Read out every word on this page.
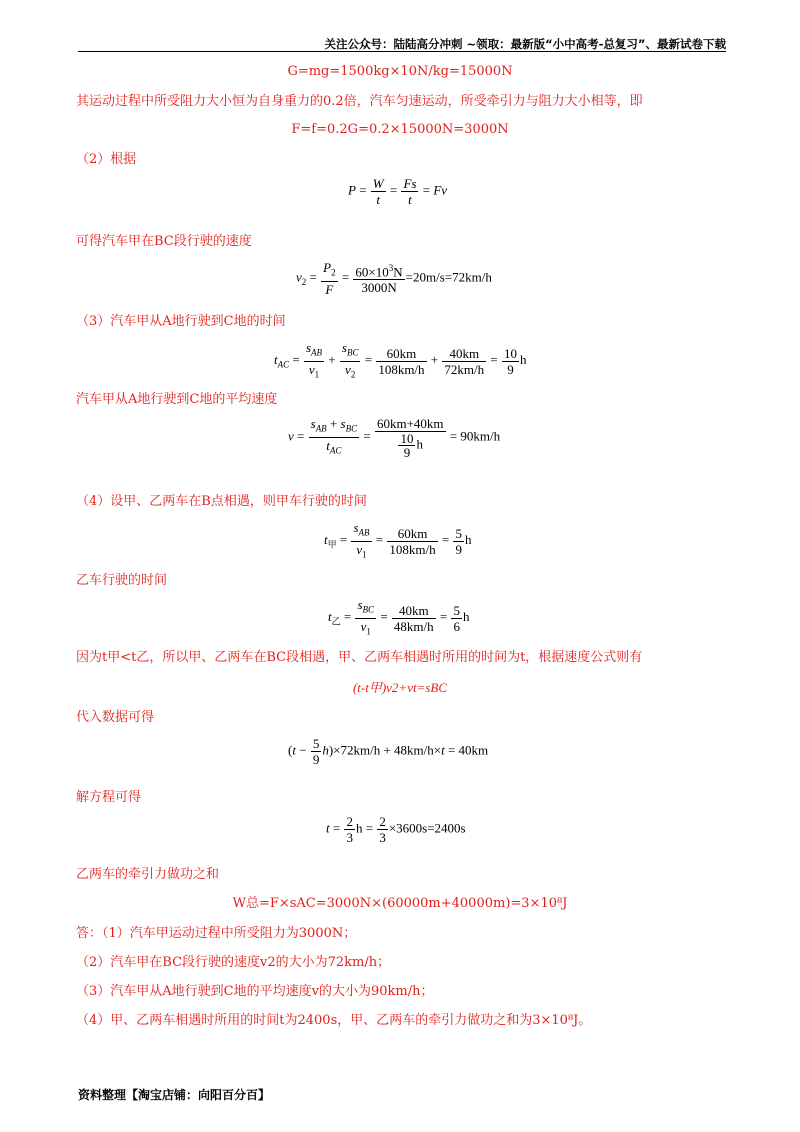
关注公众号：陆陆高分冲刺 ~领取：最新版“小中高考-总复习”、最新试卷下载
G=mg=1500kg×10N/kg=15000N
其运动过程中所受阻力大小恒为自身重力的0.2倍，汽车匀速运动，所受牵引力与阻力大小相等，即
F=f=0.2G=0.2×15000N=3000N
（2）根据
$P = \frac{W}{t} = \frac{Fs}{t} = Fv$
可得汽车甲在BC段行驶的速度
$v_2 = \frac{P_2}{F} = \frac{60\times 10^3N}{3000N} =20m/s=72km/h$
（3）汽车甲从A地行驶到C地的时间
$t_{AC} = \frac{s_{AB}}{v_1} + \frac{s_{BC}}{v_2} = \frac{60km}{108km/h} + \frac{40km}{72km/h} = \frac{10}{9}$ h
汽车甲从A地行驶到C地的平均速度
$v = \frac{s_{AB} + s_{BC}}{t_{AC}} = \frac{60km+40km}{\frac{10}{9} h} = 90km/h$
（4）设甲、乙两车在B点相遇，则甲车行驶的时间
$t_甲 = \frac{s_{AB}}{v_1} = \frac{60km}{108km/h} = \frac{5}{9}$ h
乙车行驶的时间
$t_乙 = \frac{s_{BC}}{v_1} = \frac{40km}{48km/h} = \frac{5}{6}$ h
因为t甲<t乙，所以甲、乙两车在BC段相遇，甲、乙两车相遇时所用的时间为t，根据速度公式则有
(t-t甲)v2+vt=sBC
代入数据可得
$(t - \frac{5}{9} h)\times 72km/h + 48km/h\times t = 40km$
解方程可得
$t = \frac{2}{3}$ $h = \frac{2}{3} \times 3600s=2400s$
乙两车的牵引力做功之和
W总=F×sAC=3000N×(60000m+40000m)=3×10⁸J
答：（1）汽车甲运动过程中所受阻力为3000N；
（2）汽车甲在BC段行驶的速度v2的大小为72km/h；
（3）汽车甲从A地行驶到C地的平均速度v的大小为90km/h；
（4）甲、乙两车相遇时所用的时间t为2400s，甲、乙两车的牵引力做功之和为3×10⁸J。
资料整理【淘宝店铺：向阳百分百】
